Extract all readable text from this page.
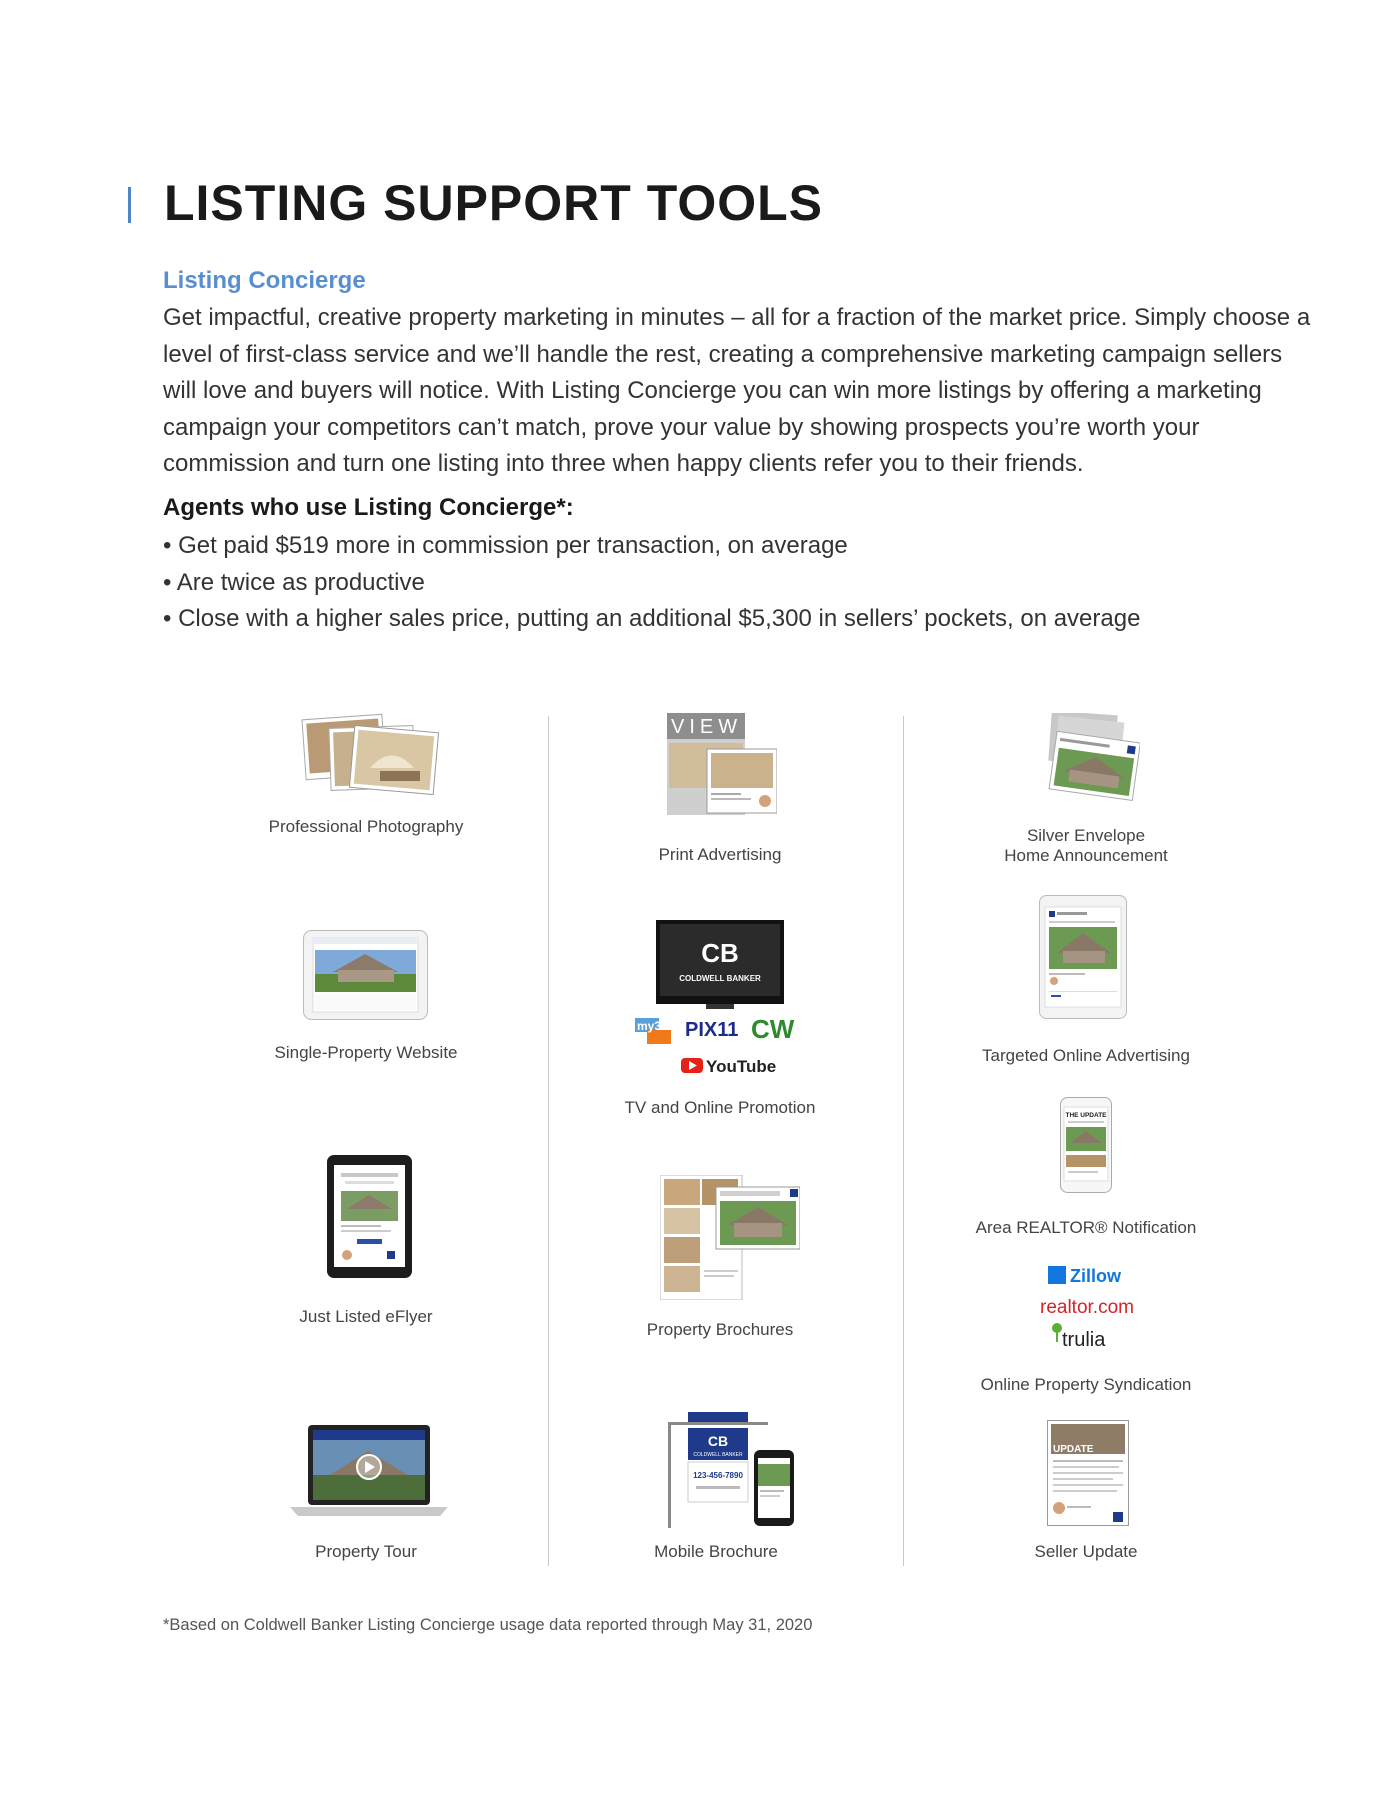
LISTING SUPPORT TOOLS
Listing Concierge

Get impactful, creative property marketing in minutes – all for a fraction of the market price. Simply choose a level of first-class service and we’ll handle the rest, creating a comprehensive marketing campaign sellers will love and buyers will notice. With Listing Concierge you can win more listings by offering a marketing campaign your competitors can’t match, prove your value by showing prospects you’re worth your commission and turn one listing into three when happy clients refer you to their friends.

Agents who use Listing Concierge*:
• Get paid $519 more in commission per transaction, on average
• Are twice as productive
• Close with a higher sales price, putting an additional $5,300 in sellers’ pockets, on average
Professional Photography
Single-Property Website
Just Listed eFlyer
Property Tour
VIEW
Print Advertising
CB
COLDWELL BANKER
my38 PIX11 CW
YouTube
TV and Online Promotion
Property Brochures
CB
COLDWELL BANKER
123-456-7890
Mobile Brochure
Silver Envelope
Home Announcement
Targeted Online Advertising
THE UPDATE
Area REALTOR® Notification
Zillow
realtor.com
trulia
Online Property Syndication
UPDATE
Seller Update

*Based on Coldwell Banker Listing Concierge usage data reported through May 31, 2020
